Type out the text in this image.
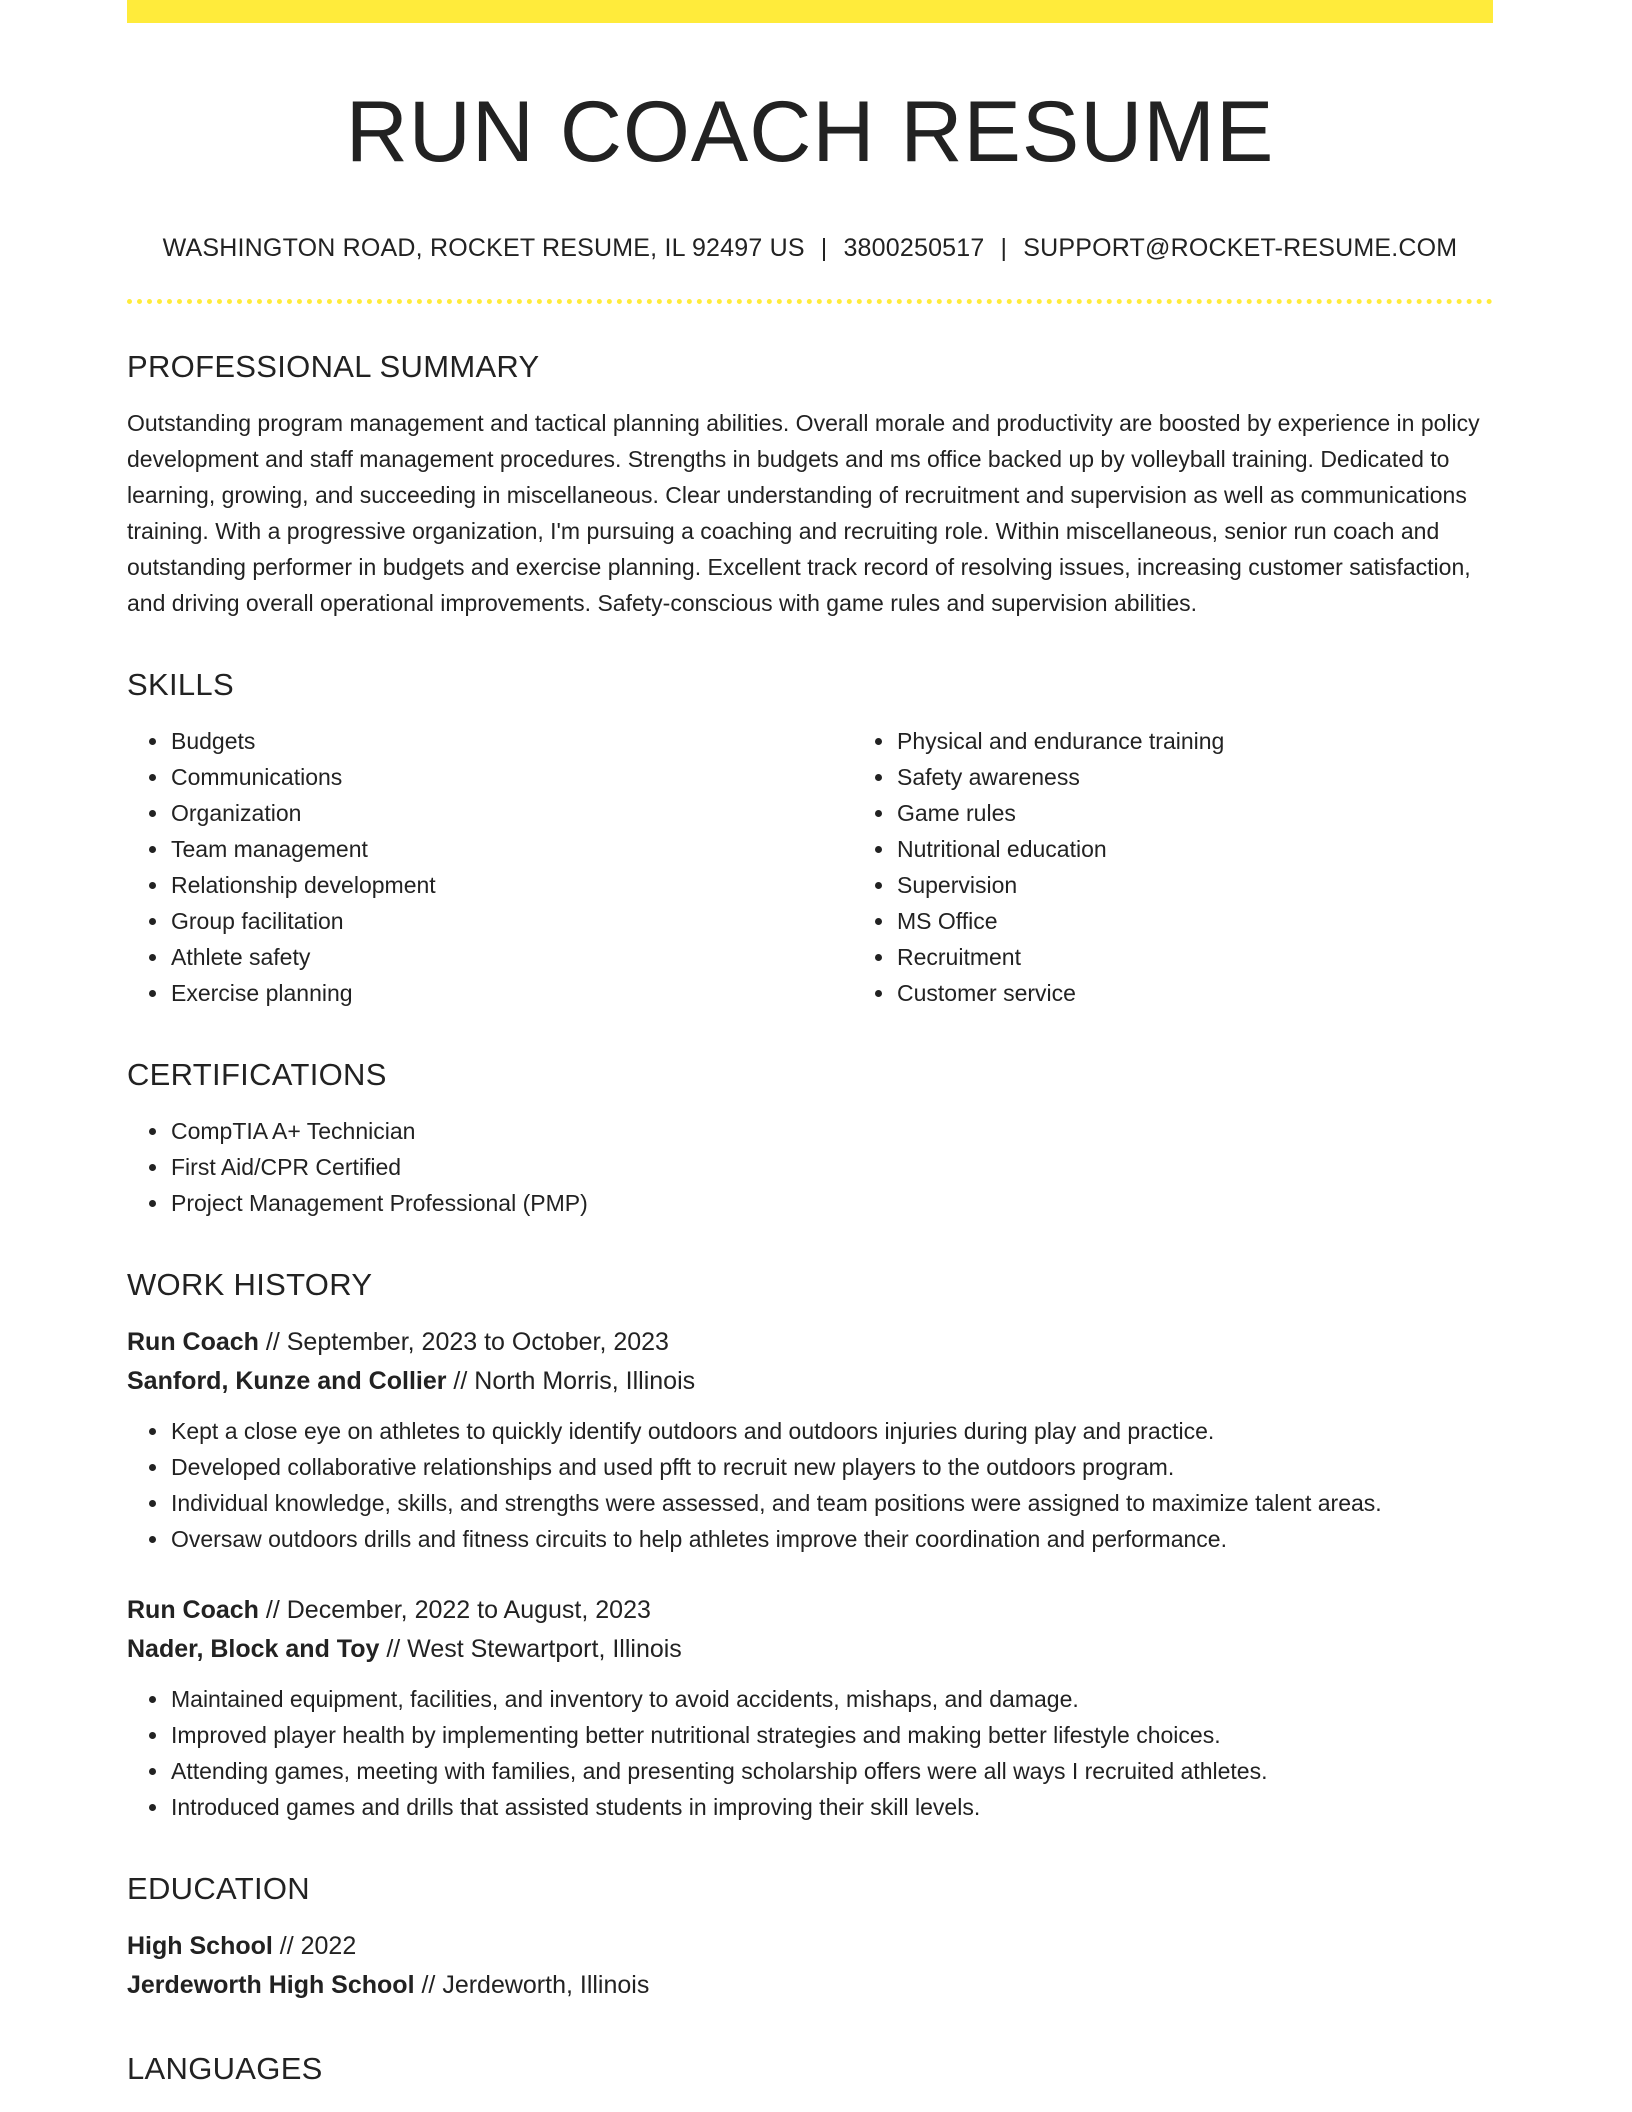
RUN COACH RESUME
WASHINGTON ROAD, ROCKET RESUME, IL 92497 US | 3800250517 | SUPPORT@ROCKET-RESUME.COM
PROFESSIONAL SUMMARY

Outstanding program management and tactical planning abilities. Overall morale and productivity are boosted by experience in policy development and staff management procedures. Strengths in budgets and ms office backed up by volleyball training. Dedicated to learning, growing, and succeeding in miscellaneous. Clear understanding of recruitment and supervision as well as communications training. With a progressive organization, I'm pursuing a coaching and recruiting role. Within miscellaneous, senior run coach and outstanding performer in budgets and exercise planning. Excellent track record of resolving issues, increasing customer satisfaction, and driving overall operational improvements. Safety-conscious with game rules and supervision abilities.

SKILLS
• Budgets
• Communications
• Organization
• Team management
• Relationship development
• Group facilitation
• Athlete safety
• Exercise planning
• Physical and endurance training
• Safety awareness
• Game rules
• Nutritional education
• Supervision
• MS Office
• Recruitment
• Customer service
CERTIFICATIONS
• CompTIA A+ Technician
• First Aid/CPR Certified
• Project Management Professional (PMP)
WORK HISTORY

Run Coach // September, 2023 to October, 2023

Sanford, Kunze and Collier // North Morris, Illinois

• Kept a close eye on athletes to quickly identify outdoors and outdoors injuries during play and practice.
• Developed collaborative relationships and used pfft to recruit new players to the outdoors program.
• Individual knowledge, skills, and strengths were assessed, and team positions were assigned to maximize talent areas.
• Oversaw outdoors drills and fitness circuits to help athletes improve their coordination and performance.

Run Coach // December, 2022 to August, 2023

Nader, Block and Toy // West Stewartport, Illinois

• Maintained equipment, facilities, and inventory to avoid accidents, mishaps, and damage.
• Improved player health by implementing better nutritional strategies and making better lifestyle choices.
• Attending games, meeting with families, and presenting scholarship offers were all ways I recruited athletes.
• Introduced games and drills that assisted students in improving their skill levels.
EDUCATION

High School // 2022

Jerdeworth High School // Jerdeworth, Illinois

LANGUAGES
